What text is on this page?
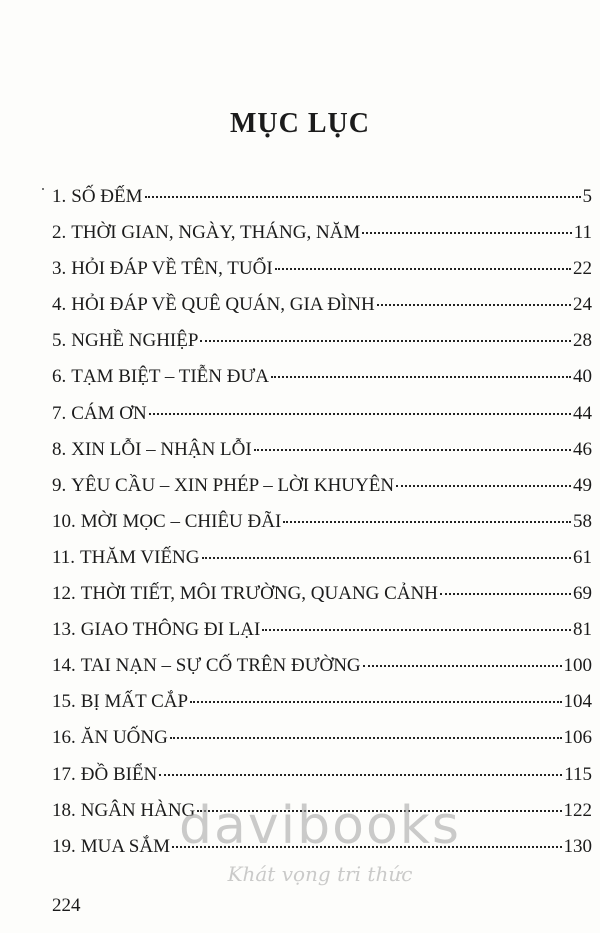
MỤC LỤC
1. SỐ ĐẾM	5
2. THỜI GIAN, NGÀY, THÁNG, NĂM	11
3. HỎI ĐÁP VỀ TÊN, TUỔI	22
4. HỎI ĐÁP VỀ QUÊ QUÁN, GIA ĐÌNH	24
5. NGHỀ NGHIỆP	28
6. TẠM BIỆT – TIỄN ĐƯA	40
7. CÁM ƠN	44
8. XIN LỖI – NHẬN LỖI	46
9. YÊU CẦU – XIN PHÉP – LỜI KHUYÊN	49
10. MỜI MỌC – CHIÊU ĐÃI	58
11. THĂM VIẾNG	61
12. THỜI TIẾT, MÔI TRƯỜNG, QUANG CẢNH	69
13. GIAO THÔNG ĐI LẠI	81
14. TAI NẠN – SỰ CỐ TRÊN ĐƯỜNG	100
15. BỊ MẤT CẮP	104
16. ĂN UỐNG	106
17. ĐỒ BIỂN	115
18. NGÂN HÀNG	122
19. MUA SẮM	130
224
davibooks
Khát vọng tri thức
